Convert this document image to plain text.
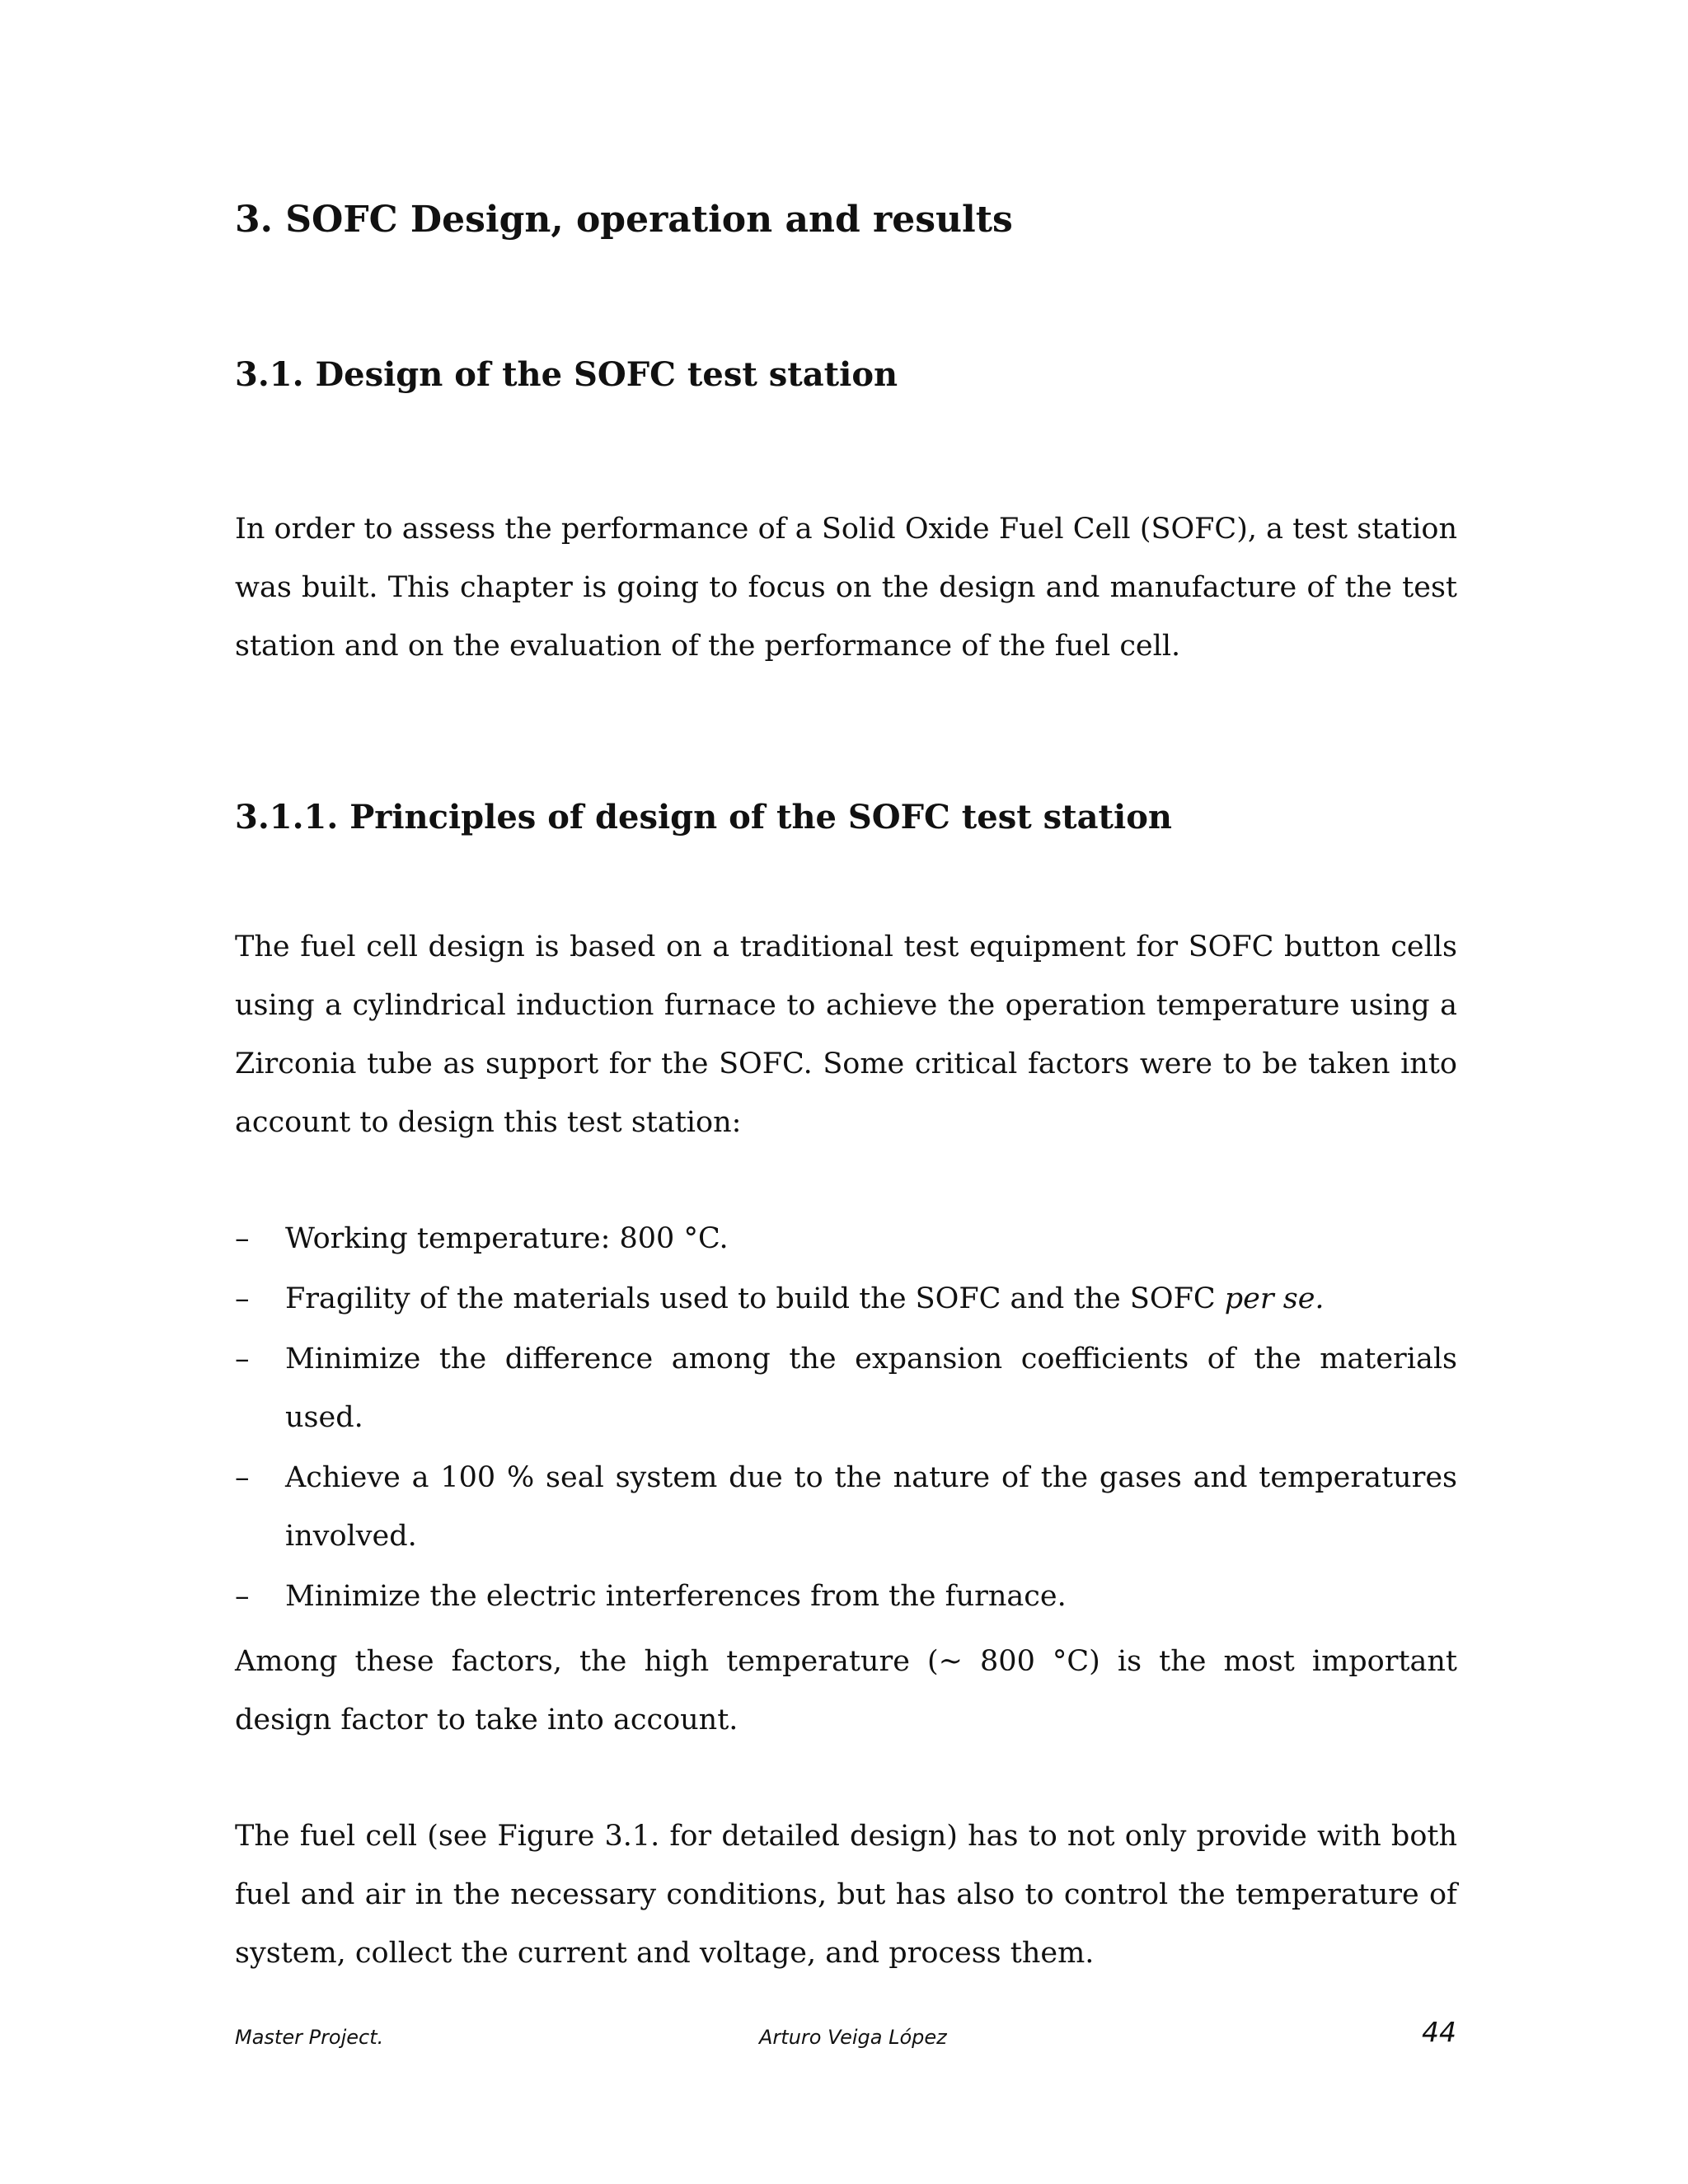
3. SOFC Design, operation and results
3.1. Design of the SOFC test station

In order to assess the performance of a Solid Oxide Fuel Cell (SOFC), a test station was built. This chapter is going to focus on the design and manufacture of the test station and on the evaluation of the performance of the fuel cell.

3.1.1. Principles of design of the SOFC test station

The fuel cell design is based on a traditional test equipment for SOFC button cells using a cylindrical induction furnace to achieve the operation temperature using a Zirconia tube as support for the SOFC. Some critical factors were to be taken into account to design this test station:

– Working temperature: 800 °C.
– Fragility of the materials used to build the SOFC and the SOFC per se.
– Minimize the difference among the expansion coefficients of the materials used.
– Achieve a 100 % seal system due to the nature of the gases and temperatures involved.
– Minimize the electric interferences from the furnace.

Among these factors, the high temperature (~ 800 °C) is the most important design factor to take into account.

The fuel cell (see Figure 3.1. for detailed design) has to not only provide with both fuel and air in the necessary conditions, but has also to control the temperature of system, collect the current and voltage, and process them.

Master Project.	Arturo Veiga López	44
